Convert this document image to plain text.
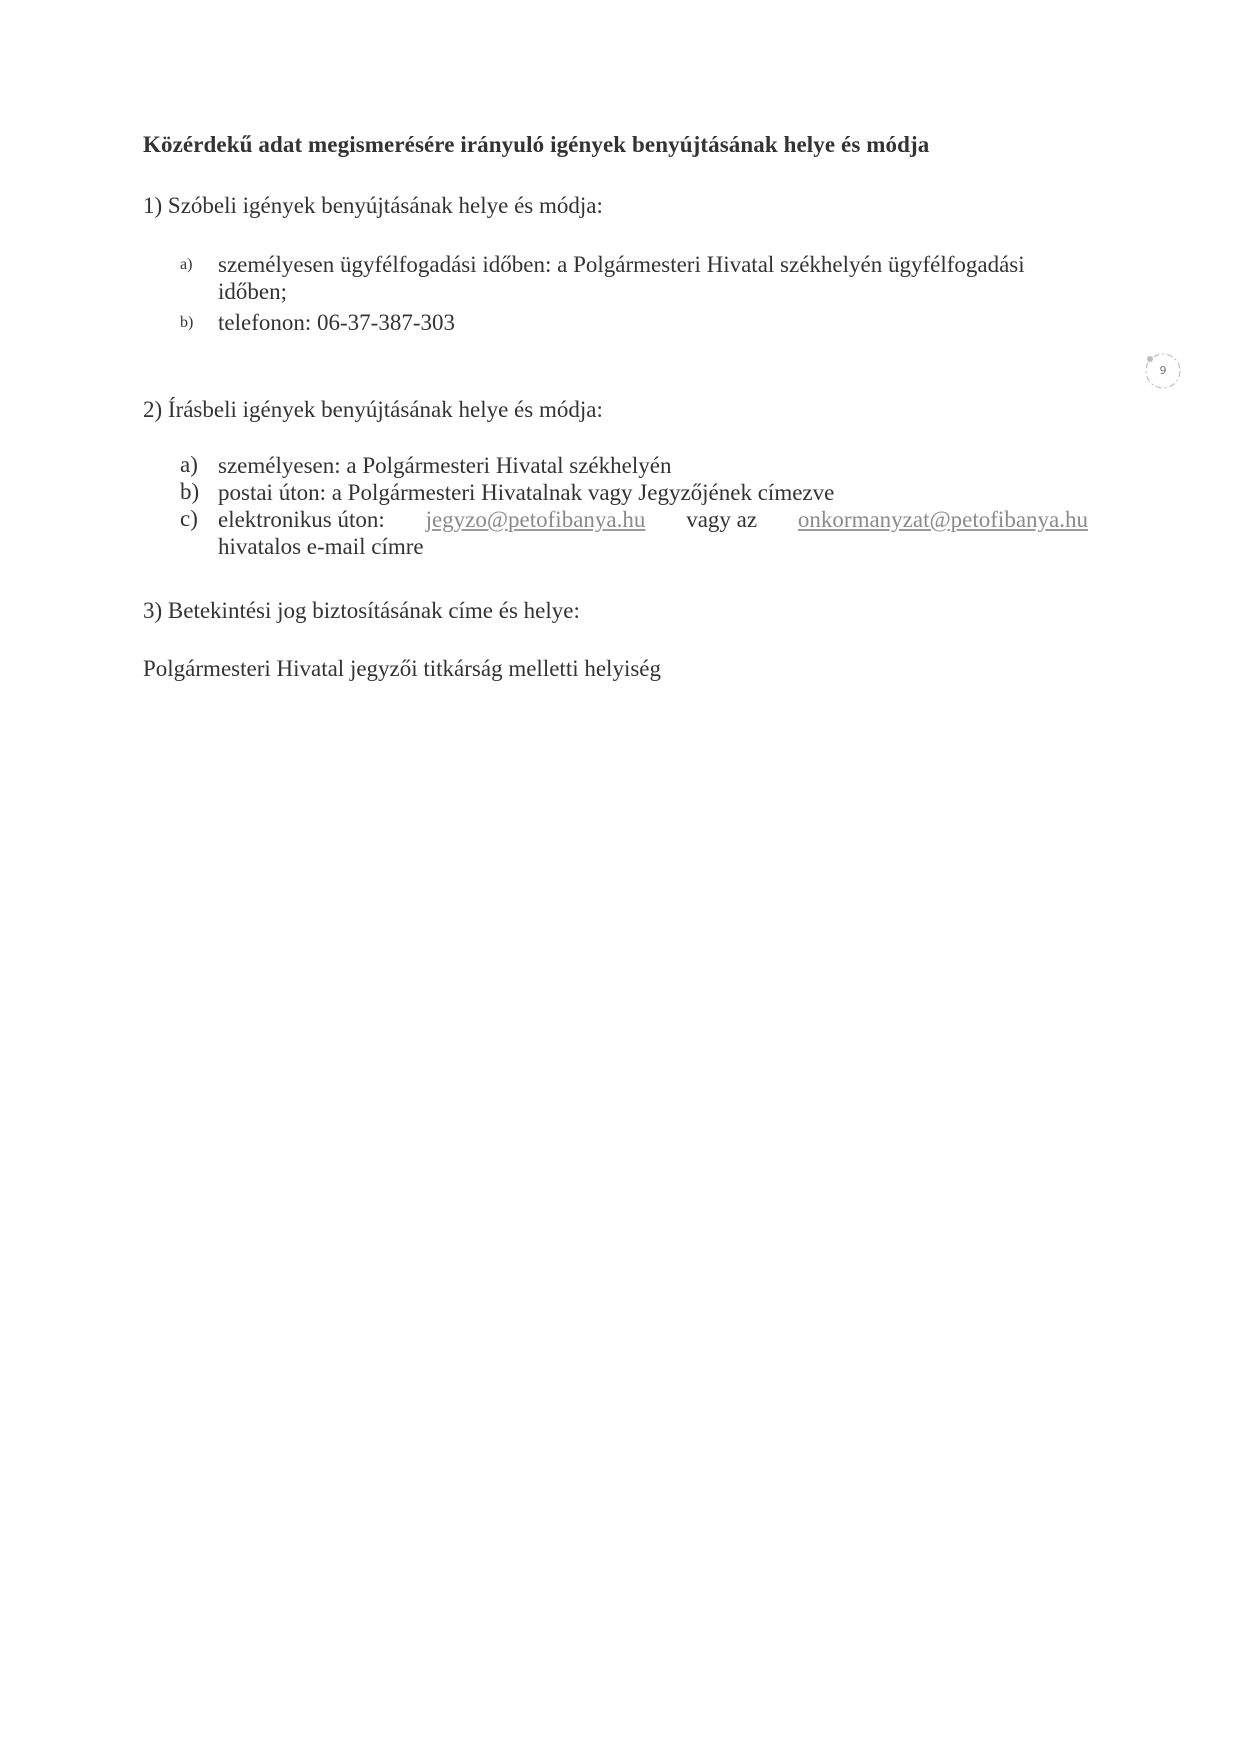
Közérdekű adat megismerésére irányuló igények benyújtásának helye és módja
1) Szóbeli igények benyújtásának helye és módja:
a) személyesen ügyfélfogadási időben: a Polgármesteri Hivatal székhelyén ügyfélfogadási
időben;
b) telefonon: 06-37-387-303
9
2) Írásbeli igények benyújtásának helye és módja:
a) személyesen: a Polgármesteri Hivatal székhelyén
b) postai úton: a Polgármesteri Hivatalnak vagy Jegyzőjének címezve
c) elektronikus úton: jegyzo@petofibanya.hu vagy az onkormanyzat@petofibanya.hu
hivatalos e-mail címre
3) Betekintési jog biztosításának címe és helye:
Polgármesteri Hivatal jegyzői titkárság melletti helyiség
